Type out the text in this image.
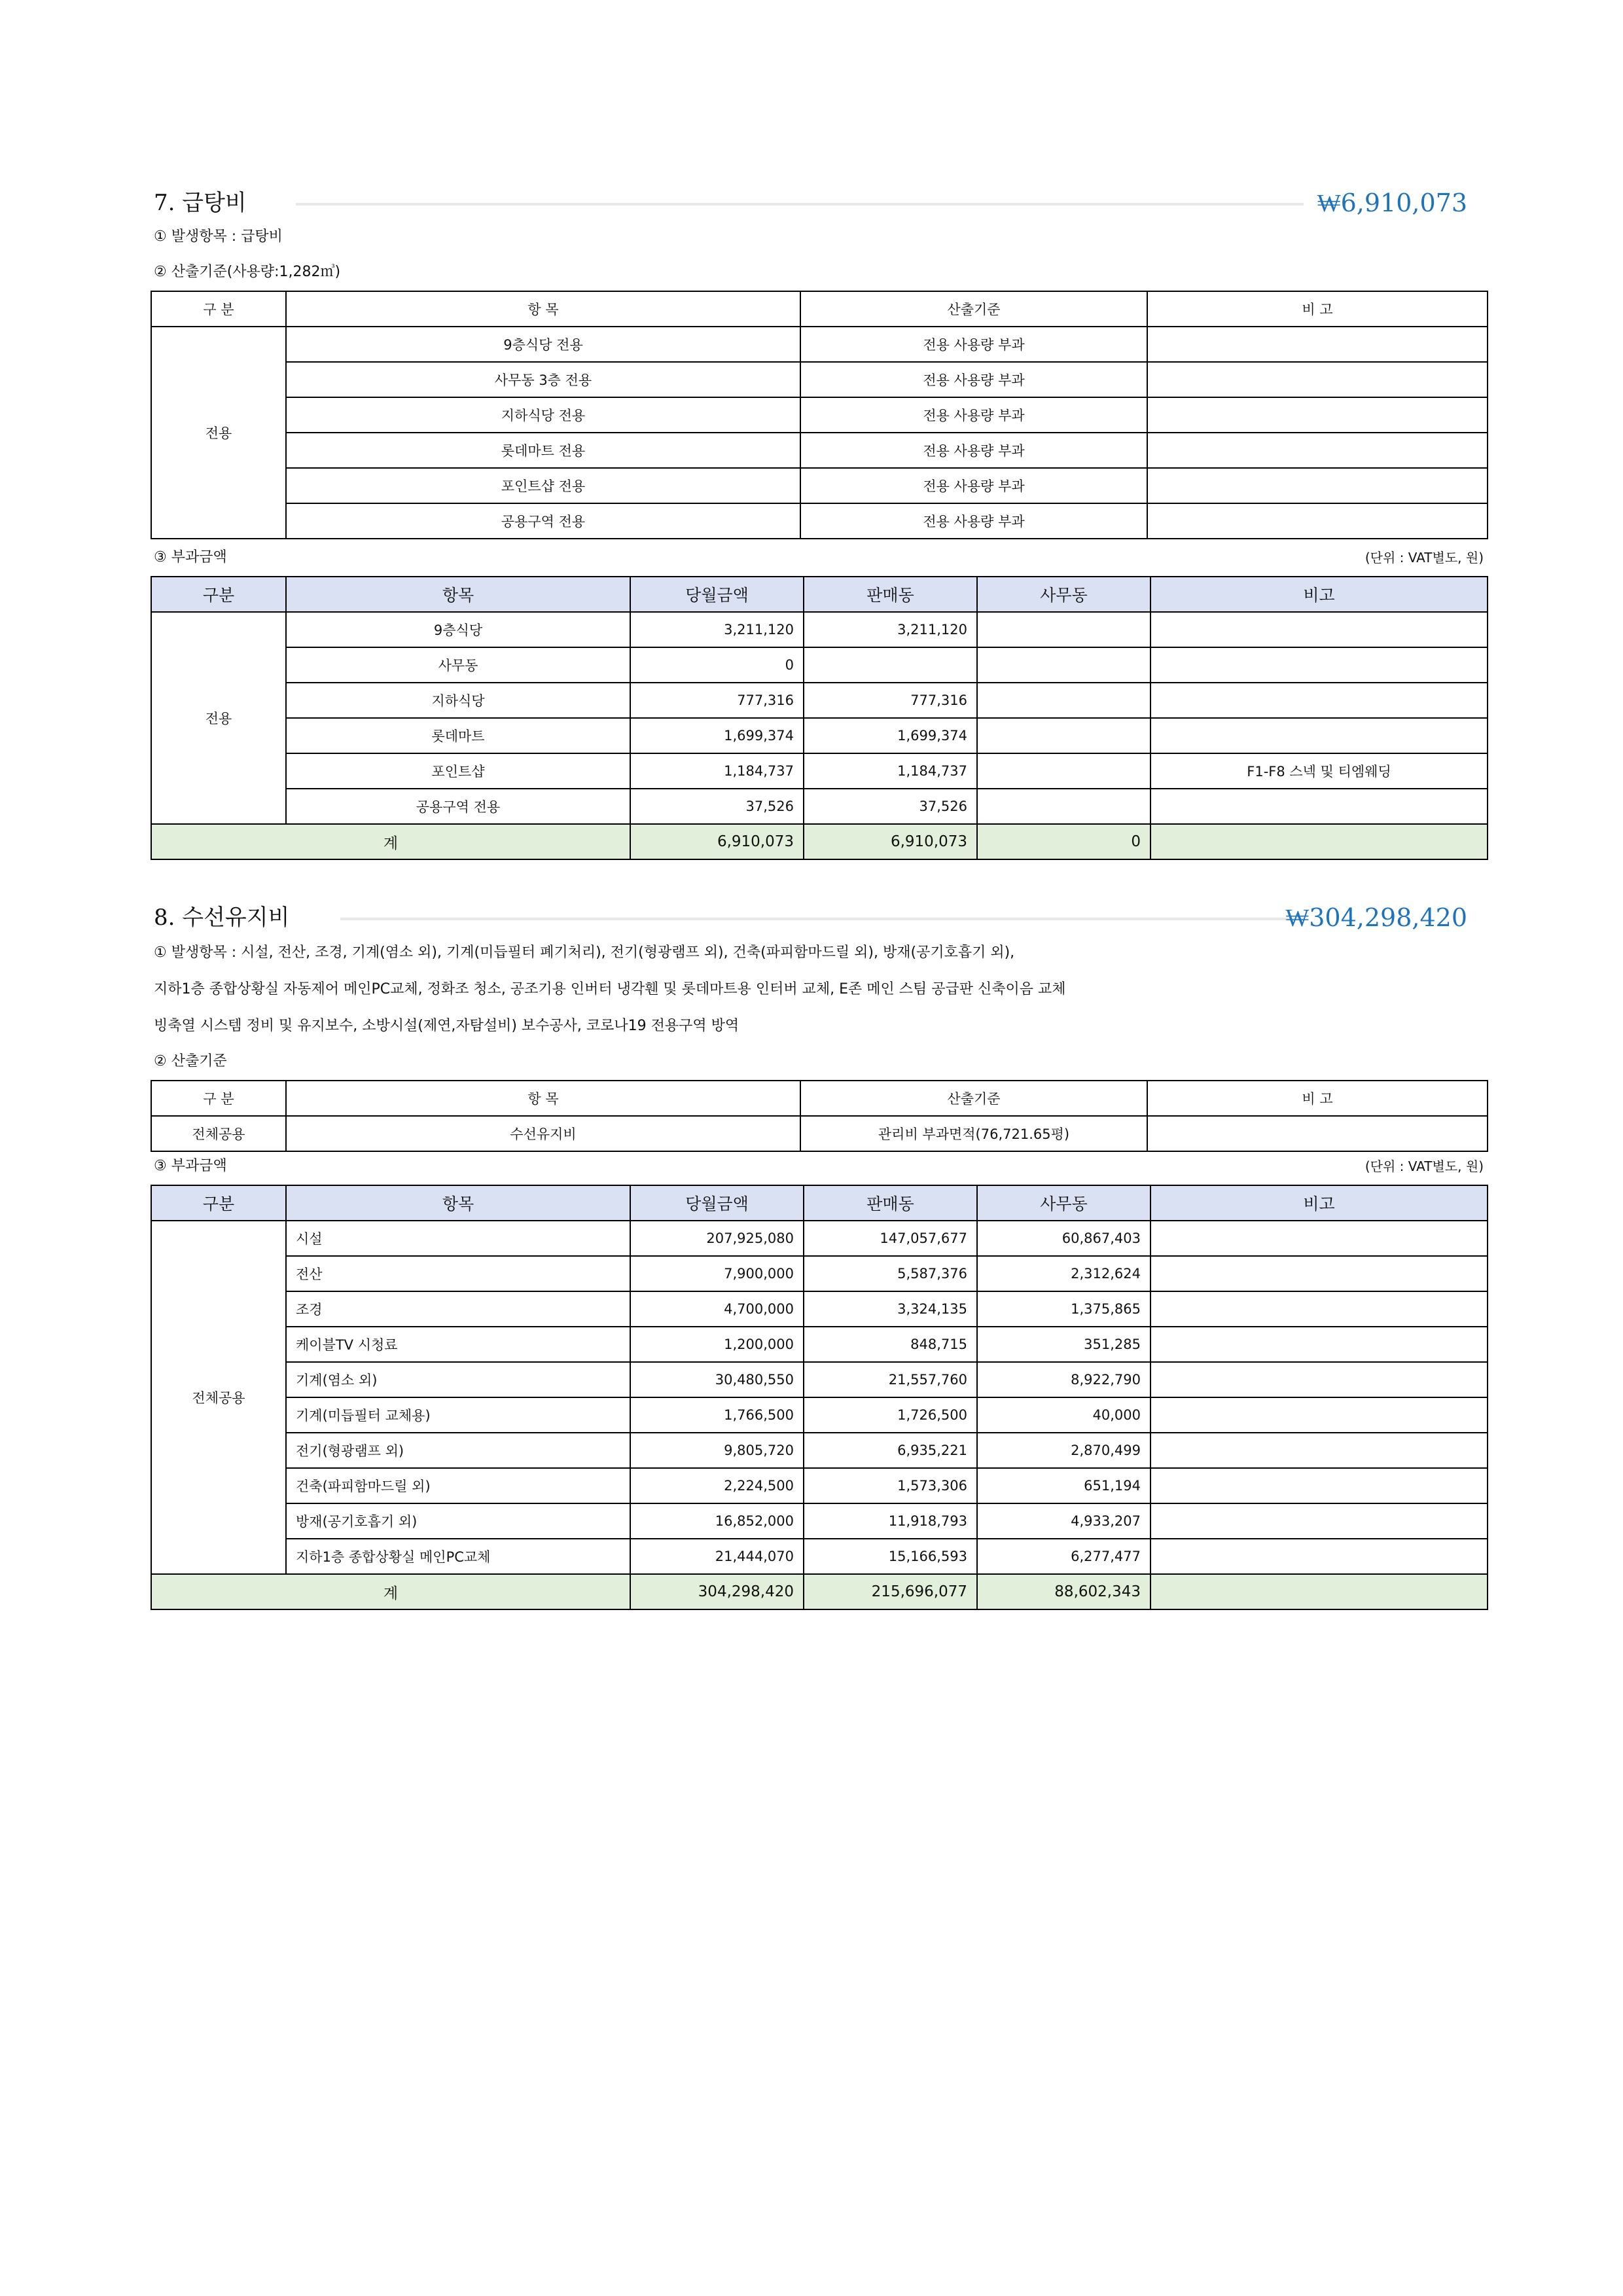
7. 급탕비	₩6,910,073
① 발생항목 : 급탕비
② 산출기준(사용량:1,282㎥)
구 분	항 목	산출기준	비 고
전용	9층식당 전용	전용 사용량 부과	
	사무동 3층 전용	전용 사용량 부과	
	지하식당 전용	전용 사용량 부과	
	롯데마트 전용	전용 사용량 부과	
	포인트샵 전용	전용 사용량 부과	
	공용구역 전용	전용 사용량 부과	
③ 부과금액	(단위 : VAT별도, 원)
구분	항목	당월금액	판매동	사무동	비고
전용	9층식당	3,211,120	3,211,120		
	사무동	0			
	지하식당	777,316	777,316		
	롯데마트	1,699,374	1,699,374		
	포인트샵	1,184,737	1,184,737		F1-F8 스넥 및 티엠웨딩
	공용구역 전용	37,526	37,526		
계		6,910,073	6,910,073	0	
8. 수선유지비	₩304,298,420
① 발생항목 : 시설, 전산, 조경, 기계(염소 외), 기계(미듭필터 폐기처리), 전기(형광램프 외), 건축(파피함마드릴 외), 방재(공기호흡기 외),
지하1층 종합상황실 자동제어 메인PC교체, 정화조 청소, 공조기용 인버터 냉각휀 및 롯데마트용 인터버 교체, E존 메인 스팀 공급판 신축이음 교체
빙축열 시스템 정비 및 유지보수, 소방시설(제연,자탐설비) 보수공사, 코로나19 전용구역 방역
② 산출기준
구 분	항 목	산출기준	비 고
전체공용	수선유지비	관리비 부과면적(76,721.65평)	
③ 부과금액	(단위 : VAT별도, 원)
구분	항목	당월금액	판매동	사무동	비고
전체공용	시설	207,925,080	147,057,677	60,867,403	
	전산	7,900,000	5,587,376	2,312,624	
	조경	4,700,000	3,324,135	1,375,865	
	케이블TV 시청료	1,200,000	848,715	351,285	
	기계(염소 외)	30,480,550	21,557,760	8,922,790	
	기계(미듭필터 교체용)	1,766,500	1,726,500	40,000	
	전기(형광램프 외)	9,805,720	6,935,221	2,870,499	
	건축(파피함마드릴 외)	2,224,500	1,573,306	651,194	
	방재(공기호흡기 외)	16,852,000	11,918,793	4,933,207	
	지하1층 종합상황실 메인PC교체	21,444,070	15,166,593	6,277,477	
계		304,298,420	215,696,077	88,602,343	
